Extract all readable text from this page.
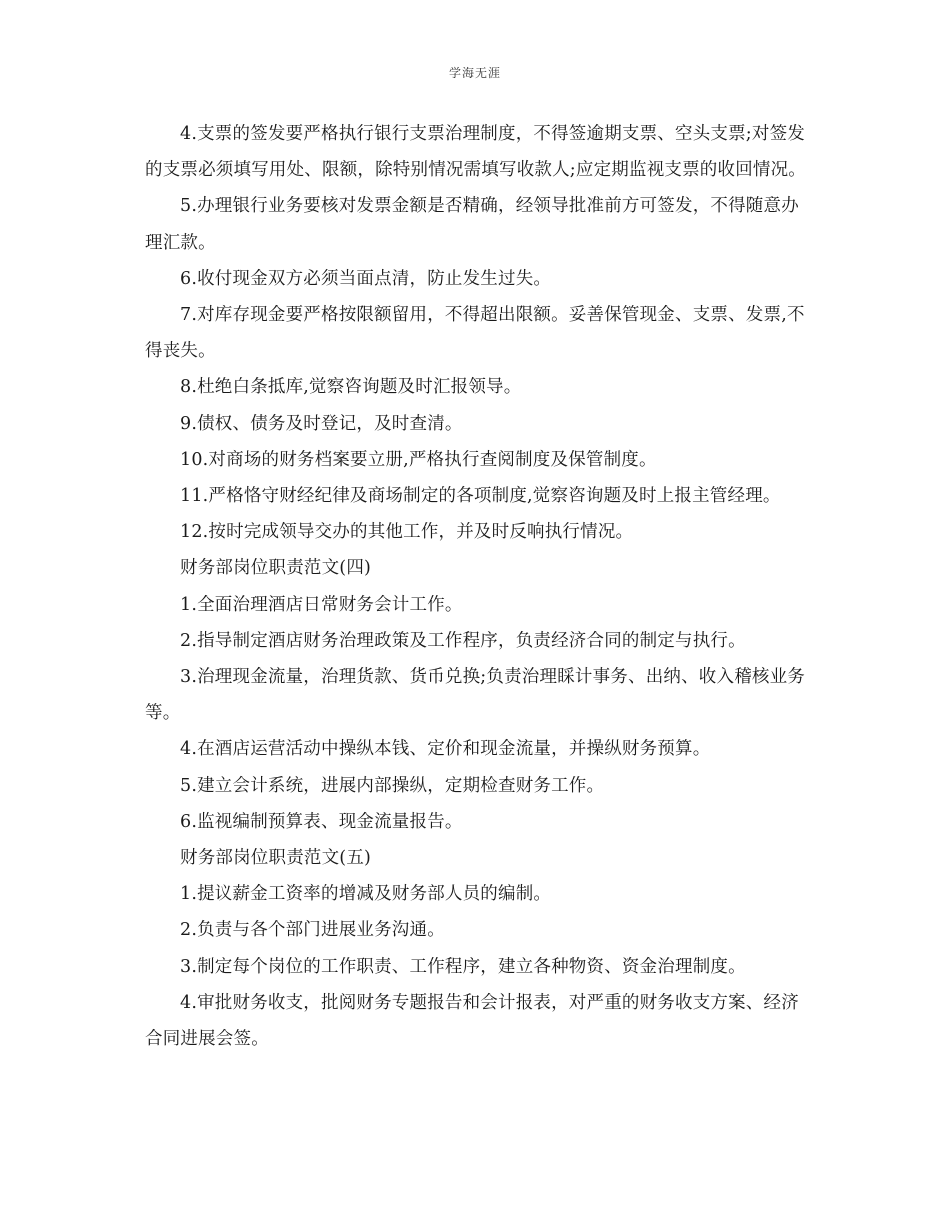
学海无涯

4.支票的签发要严格执行银行支票治理制度，不得签逾期支票、空头支票;对签发的支票必须填写用处、限额，除特别情况需填写收款人;应定期监视支票的收回情况。

5.办理银行业务要核对发票金额是否精确，经领导批准前方可签发，不得随意办理汇款。

6.收付现金双方必须当面点清，防止发生过失。

7.对库存现金要严格按限额留用，不得超出限额。妥善保管现金、支票、发票,不得丧失。

8.杜绝白条抵库,觉察咨询题及时汇报领导。

9.债权、债务及时登记，及时查清。

10.对商场的财务档案要立册,严格执行查阅制度及保管制度。

11.严格恪守财经纪律及商场制定的各项制度,觉察咨询题及时上报主管经理。

12.按时完成领导交办的其他工作，并及时反响执行情况。

财务部岗位职责范文(四)

1.全面治理酒店日常财务会计工作。

2.指导制定酒店财务治理政策及工作程序，负责经济合同的制定与执行。

3.治理现金流量，治理货款、货币兑换;负责治理睬计事务、出纳、收入稽核业务等。

4.在酒店运营活动中操纵本钱、定价和现金流量，并操纵财务预算。

5.建立会计系统，进展内部操纵，定期检查财务工作。

6.监视编制预算表、现金流量报告。

财务部岗位职责范文(五)

1.提议薪金工资率的增减及财务部人员的编制。

2.负责与各个部门进展业务沟通。

3.制定每个岗位的工作职责、工作程序，建立各种物资、资金治理制度。

4.审批财务收支，批阅财务专题报告和会计报表，对严重的财务收支方案、经济合同进展会签。
